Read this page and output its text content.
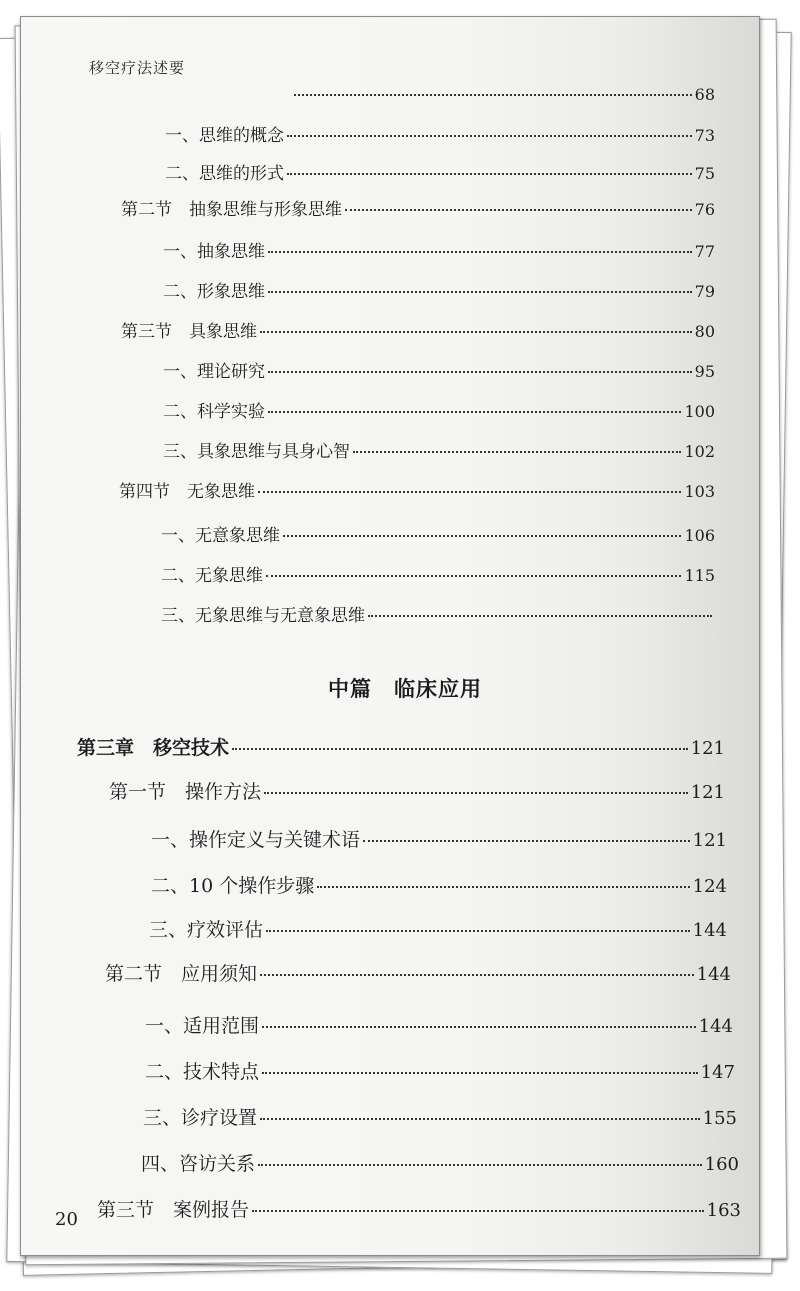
移空疗法述要
68
一、 思维的概念	73
二、 思维的形式	75
第二节　 抽象思维与形象思维	76
一、 抽象思维	77
二、 形象思维	79
第三节　 具象思维	80
一、 理论研究	95
二、 科学实验	100
三、 具象思维与具身心智	102
第四节　 无象思维	103
一、 无意象思维	106
二、 无象思维	115
三、 无象思维与无意象思维
中篇　临床应用
第三章　 移空技术	121
第一节　 操作方法	121
一、 操作定义与关键术语	121
二、 10 个操作步骤	124
三、 疗效评估	144
第二节　 应用须知	144
一、 适用范围	144
二、 技术特点	147
三、 诊疗设置	155
四、 咨访关系	160
第三节　 案例报告	163
20
